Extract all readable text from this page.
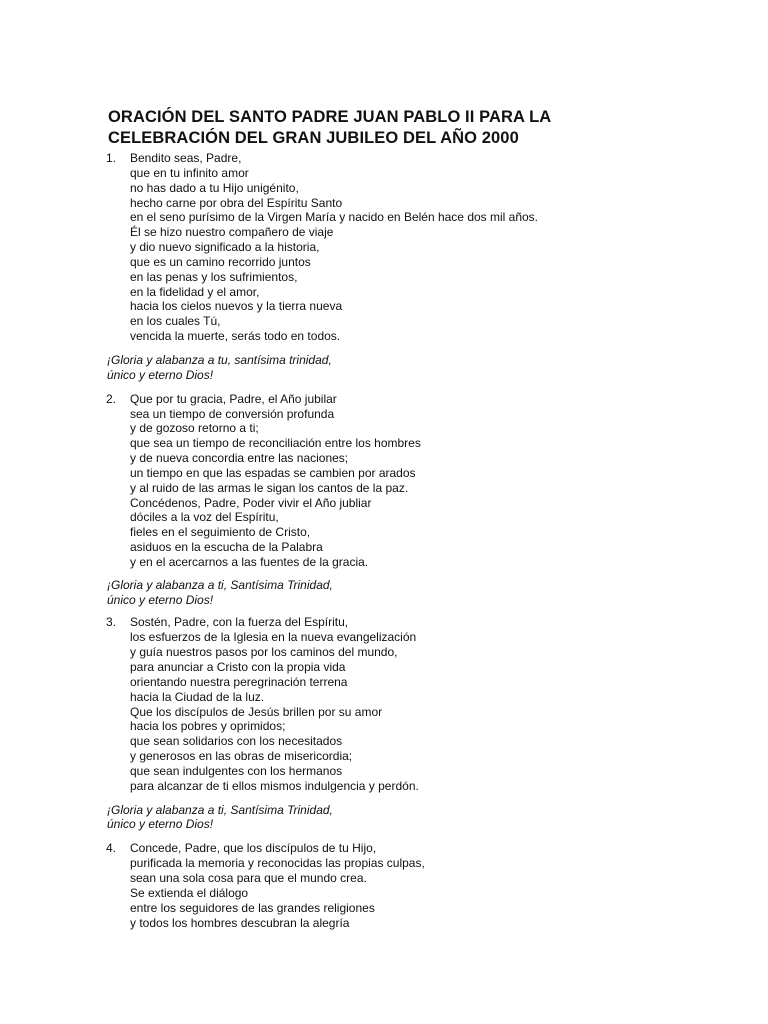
ORACIÓN DEL SANTO PADRE JUAN PABLO II PARA LA
CELEBRACIÓN DEL GRAN JUBILEO DEL AÑO 2000
1. Bendito seas, Padre,
que en tu infinito amor
no has dado a tu Hijo unigénito,
hecho carne por obra del Espíritu Santo
en el seno purísimo de la Virgen María y nacido en Belén hace dos mil años.
Él se hizo nuestro compañero de viaje
y dio nuevo significado a la historia,
que es un camino recorrido juntos
en las penas y los sufrimientos,
en la fidelidad y el amor,
hacia los cielos nuevos y la tierra nueva
en los cuales Tú,
vencida la muerte, serás todo en todos.
¡Gloria y alabanza a tu, santísima trinidad,
único y eterno Dios!
2. Que por tu gracia, Padre, el Año jubilar
sea un tiempo de conversión profunda
y de gozoso retorno a ti;
que sea un tiempo de reconciliación entre los hombres
y de nueva concordia entre las naciones;
un tiempo en que las espadas se cambien por arados
y al ruido de las armas le sigan los cantos de la paz.
Concédenos, Padre, Poder vivir el Año jubliar
dóciles a la voz del Espíritu,
fieles en el seguimiento de Cristo,
asiduos en la escucha de la Palabra
y en el acercarnos a las fuentes de la gracia.
¡Gloria y alabanza a ti, Santísima Trinidad,
único y eterno Dios!
3. Sostén, Padre, con la fuerza del Espíritu,
los esfuerzos de la Iglesia en la nueva evangelización
y guía nuestros pasos por los caminos del mundo,
para anunciar a Cristo con la propia vida
orientando nuestra peregrinación terrena
hacia la Ciudad de la luz.
Que los discípulos de Jesús brillen por su amor
hacia los pobres y oprimidos;
que sean solidarios con los necesitados
y generosos en las obras de misericordia;
que sean indulgentes con los hermanos
para alcanzar de ti ellos mismos indulgencia y perdón.
¡Gloria y alabanza a ti, Santísima Trinidad,
único y eterno Dios!
4. Concede, Padre, que los discípulos de tu Hijo,
purificada la memoria y reconocidas las propias culpas,
sean una sola cosa para que el mundo crea.
Se extienda el diálogo
entre los seguidores de las grandes religiones
y todos los hombres descubran la alegría
